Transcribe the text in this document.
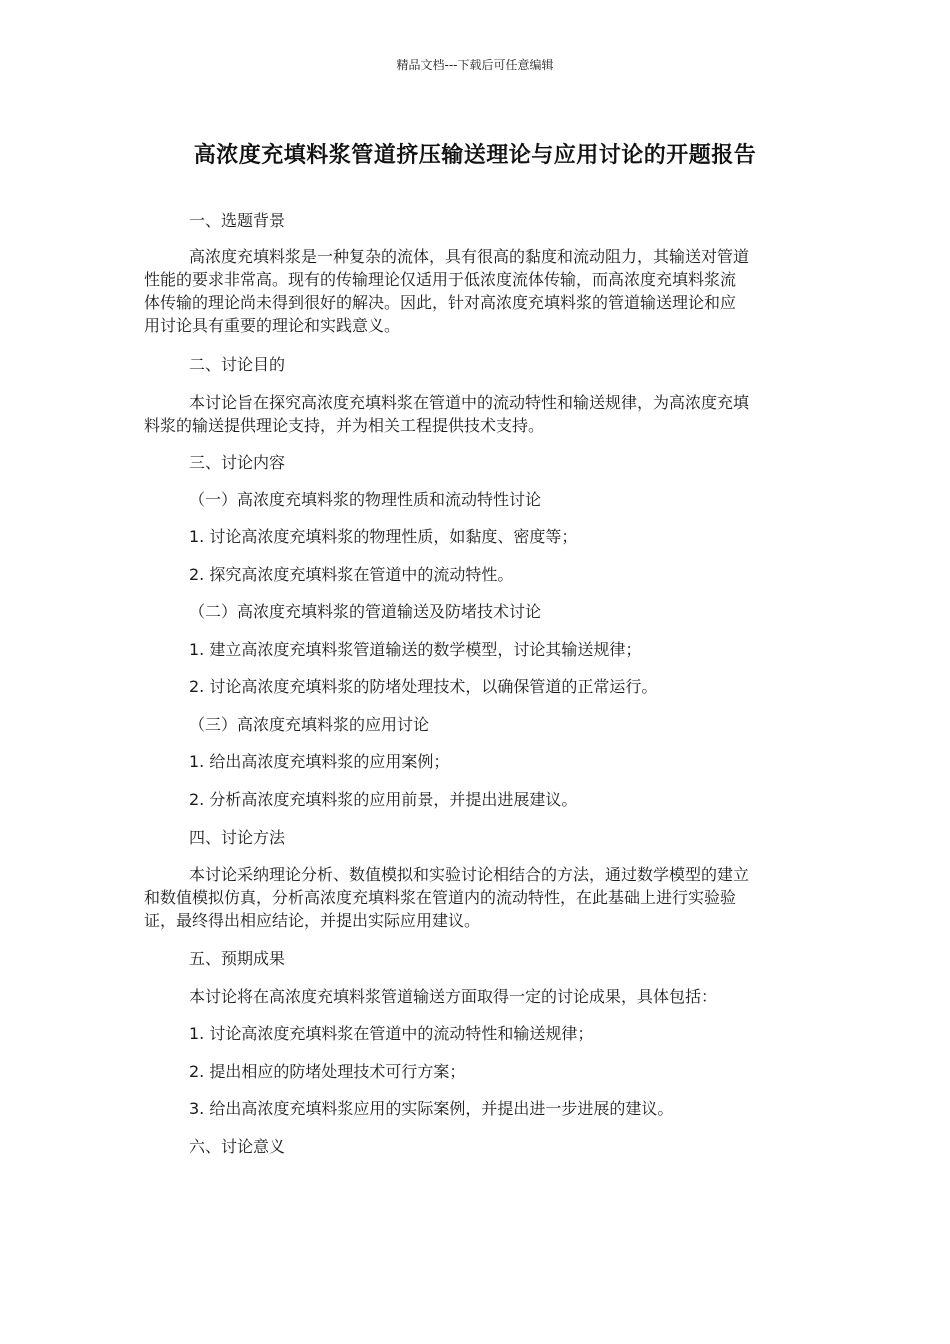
精品文档---下载后可任意编辑
高浓度充填料浆管道挤压输送理论与应用讨论的开题报告
一、选题背景
高浓度充填料浆是一种复杂的流体，具有很高的黏度和流动阻力，其输送对管道
性能的要求非常高。现有的传输理论仅适用于低浓度流体传输，而高浓度充填料浆流
体传输的理论尚未得到很好的解决。因此，针对高浓度充填料浆的管道输送理论和应
用讨论具有重要的理论和实践意义。
二、讨论目的
本讨论旨在探究高浓度充填料浆在管道中的流动特性和输送规律，为高浓度充填
料浆的输送提供理论支持，并为相关工程提供技术支持。
三、讨论内容
（一）高浓度充填料浆的物理性质和流动特性讨论
1. 讨论高浓度充填料浆的物理性质，如黏度、密度等；
2. 探究高浓度充填料浆在管道中的流动特性。
（二）高浓度充填料浆的管道输送及防堵技术讨论
1. 建立高浓度充填料浆管道输送的数学模型，讨论其输送规律；
2. 讨论高浓度充填料浆的防堵处理技术，以确保管道的正常运行。
（三）高浓度充填料浆的应用讨论
1. 给出高浓度充填料浆的应用案例；
2. 分析高浓度充填料浆的应用前景，并提出进展建议。
四、讨论方法
本讨论采纳理论分析、数值模拟和实验讨论相结合的方法，通过数学模型的建立
和数值模拟仿真，分析高浓度充填料浆在管道内的流动特性，在此基础上进行实验验
证，最终得出相应结论，并提出实际应用建议。
五、预期成果
本讨论将在高浓度充填料浆管道输送方面取得一定的讨论成果，具体包括：
1. 讨论高浓度充填料浆在管道中的流动特性和输送规律；
2. 提出相应的防堵处理技术可行方案；
3. 给出高浓度充填料浆应用的实际案例，并提出进一步进展的建议。
六、讨论意义
